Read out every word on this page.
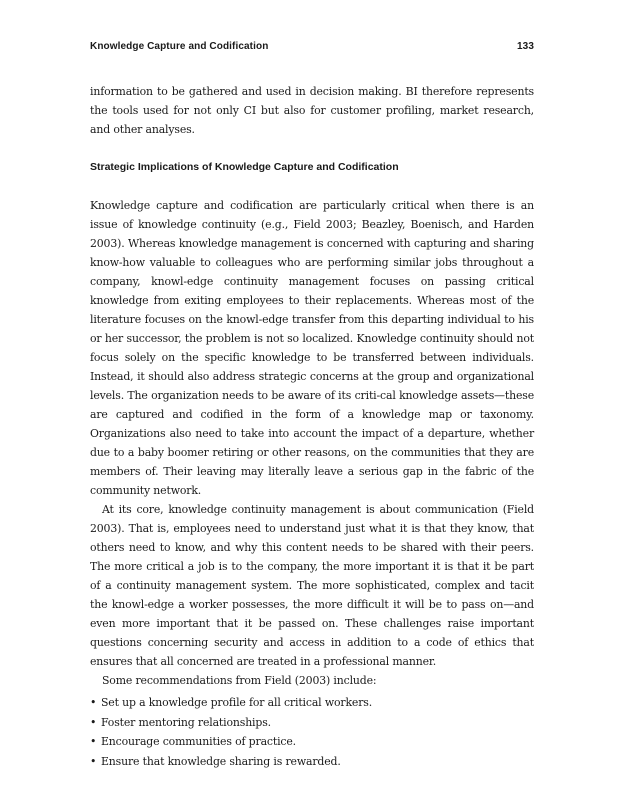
Knowledge Capture and Codification	133

information to be gathered and used in decision making. BI therefore represents the tools used for not only CI but also for customer profiling, market research, and other analyses.

Strategic Implications of Knowledge Capture and Codification

Knowledge capture and codification are particularly critical when there is an issue of knowledge continuity (e.g., Field 2003; Beazley, Boenisch, and Harden 2003). Whereas knowledge management is concerned with capturing and sharing know-how valuable to colleagues who are performing similar jobs throughout a company, knowl-edge continuity management focuses on passing critical knowledge from exiting employees to their replacements. Whereas most of the literature focuses on the knowl-edge transfer from this departing individual to his or her successor, the problem is not so localized. Knowledge continuity should not focus solely on the specific knowledge to be transferred between individuals. Instead, it should also address strategic concerns at the group and organizational levels. The organization needs to be aware of its criti-cal knowledge assets—these are captured and codified in the form of a knowledge map or taxonomy. Organizations also need to take into account the impact of a departure, whether due to a baby boomer retiring or other reasons, on the communities that they are members of. Their leaving may literally leave a serious gap in the fabric of the community network.

At its core, knowledge continuity management is about communication (Field 2003). That is, employees need to understand just what it is that they know, that others need to know, and why this content needs to be shared with their peers. The more critical a job is to the company, the more important it is that it be part of a continuity management system. The more sophisticated, complex and tacit the knowl-edge a worker possesses, the more difficult it will be to pass on—and even more important that it be passed on. These challenges raise important questions concerning security and access in addition to a code of ethics that ensures that all concerned are treated in a professional manner.

Some recommendations from Field (2003) include:

• Set up a knowledge profile for all critical workers.
• Foster mentoring relationships.
• Encourage communities of practice.
• Ensure that knowledge sharing is rewarded.
